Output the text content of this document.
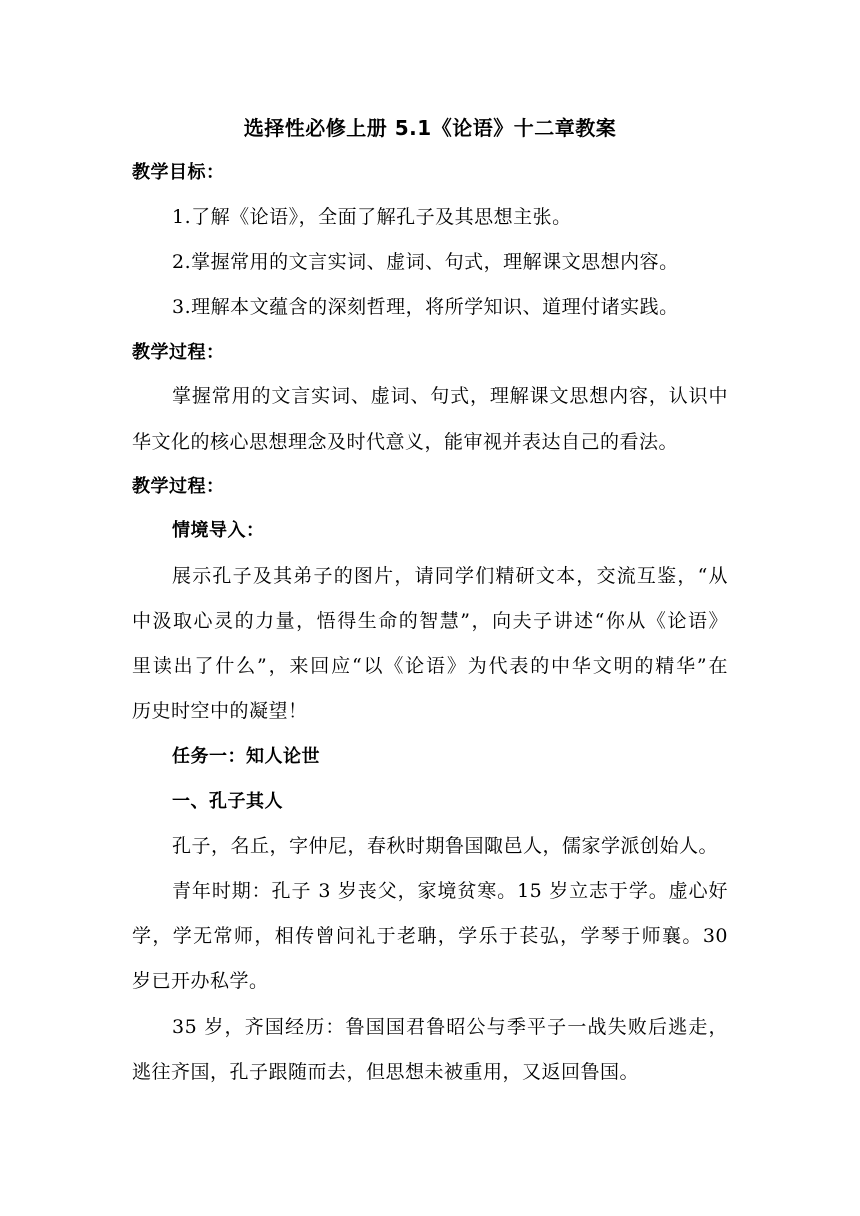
选择性必修上册 5.1《论语》十二章教案
教学目标：
1.了解《论语》，全面了解孔子及其思想主张。
2.掌握常用的文言实词、虚词、句式，理解课文思想内容。
3.理解本文蕴含的深刻哲理，将所学知识、道理付诸实践。
教学过程：
掌握常用的文言实词、虚词、句式，理解课文思想内容，认识中
华文化的核心思想理念及时代意义，能审视并表达自己的看法。
教学过程：
情境导入：
展示孔子及其弟子的图片，请同学们精研文本，交流互鉴，“从
中汲取心灵的力量，悟得生命的智慧”，向夫子讲述“你从《论语》
里读出了什么”，来回应“以《论语》为代表的中华文明的精华”在
历史时空中的凝望！
任务一：知人论世
一、孔子其人
孔子，名丘，字仲尼，春秋时期鲁国陬邑人，儒家学派创始人。
青年时期：孔子 3 岁丧父，家境贫寒。15 岁立志于学。虚心好
学，学无常师，相传曾问礼于老聃，学乐于苌弘，学琴于师襄。30
岁已开办私学。
35 岁，齐国经历：鲁国国君鲁昭公与季平子一战失败后逃走，
逃往齐国，孔子跟随而去，但思想未被重用，又返回鲁国。
